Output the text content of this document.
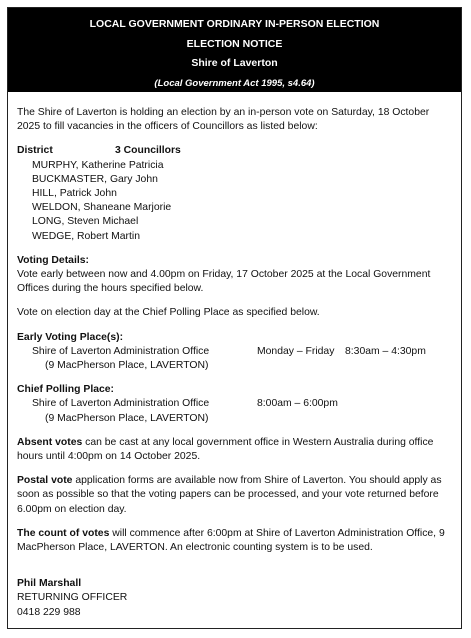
LOCAL GOVERNMENT ORDINARY IN-PERSON ELECTION
ELECTION NOTICE
Shire of Laverton
(Local Government Act 1995, s4.64)
The Shire of Laverton is holding an election by an in-person vote on Saturday, 18 October 2025 to fill vacancies in the officers of Councillors as listed below:
District	3 Councillors
MURPHY, Katherine Patricia
BUCKMASTER, Gary John
HILL, Patrick John
WELDON, Shaneane Marjorie
LONG, Steven Michael
WEDGE, Robert Martin
Voting Details:
Vote early between now and 4.00pm on Friday, 17 October 2025 at the Local Government Offices during the hours specified below.
Vote on election day at the Chief Polling Place as specified below.
Early Voting Place(s):
Shire of Laverton Administration Office	Monday – Friday	8:30am – 4:30pm
(9 MacPherson Place, LAVERTON)
Chief Polling Place:
Shire of Laverton Administration Office	8:00am – 6:00pm
(9 MacPherson Place, LAVERTON)
Absent votes can be cast at any local government office in Western Australia during office hours until 4:00pm on 14 October 2025.
Postal vote application forms are available now from Shire of Laverton. You should apply as soon as possible so that the voting papers can be processed, and your vote returned before 6.00pm on election day.
The count of votes will commence after 6:00pm at Shire of Laverton Administration Office, 9 MacPherson Place, LAVERTON. An electronic counting system is to be used.
Phil Marshall
RETURNING OFFICER
0418 229 988
